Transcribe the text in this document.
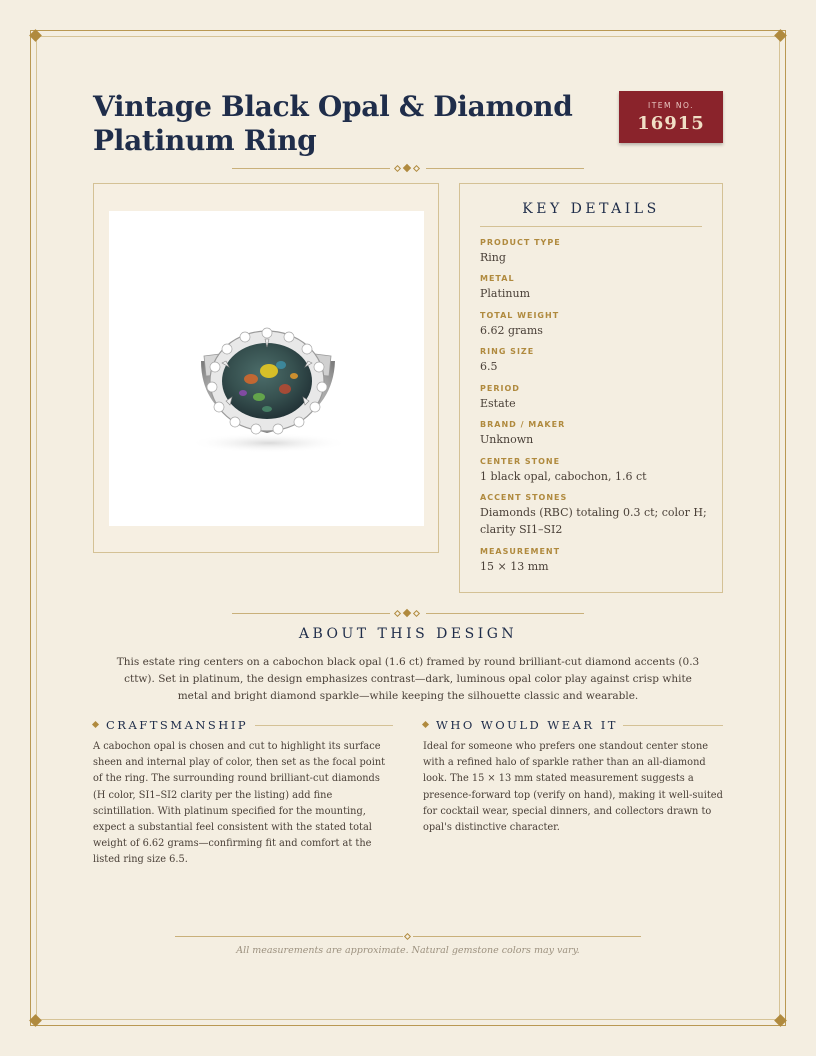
Vintage Black Opal & Diamond Platinum Ring
ITEM NO.
16915
KEY DETAILS
PRODUCT TYPE
Ring
METAL
Platinum
TOTAL WEIGHT
6.62 grams
RING SIZE
6.5
PERIOD
Estate
BRAND / MAKER
Unknown
CENTER STONE
1 black opal, cabochon, 1.6 ct
ACCENT STONES
Diamonds (RBC) totaling 0.3 ct; color H; clarity SI1–SI2
MEASUREMENT
15 × 13 mm
ABOUT THIS DESIGN

This estate ring centers on a cabochon black opal (1.6 ct) framed by round brilliant-cut diamond accents (0.3 cttw). Set in platinum, the design emphasizes contrast—dark, luminous opal color play against crisp white metal and bright diamond sparkle—while keeping the silhouette classic and wearable.

CRAFTSMANSHIP

A cabochon opal is chosen and cut to highlight its surface sheen and internal play of color, then set as the focal point of the ring. The surrounding round brilliant-cut diamonds (H color, SI1–SI2 clarity per the listing) add fine scintillation. With platinum specified for the mounting, expect a substantial feel consistent with the stated total weight of 6.62 grams—confirming fit and comfort at the listed ring size 6.5.

WHO WOULD WEAR IT

Ideal for someone who prefers one standout center stone with a refined halo of sparkle rather than an all-diamond look. The 15 × 13 mm stated measurement suggests a presence-forward top (verify on hand), making it well-suited for cocktail wear, special dinners, and collectors drawn to opal's distinctive character.

All measurements are approximate. Natural gemstone colors may vary.
